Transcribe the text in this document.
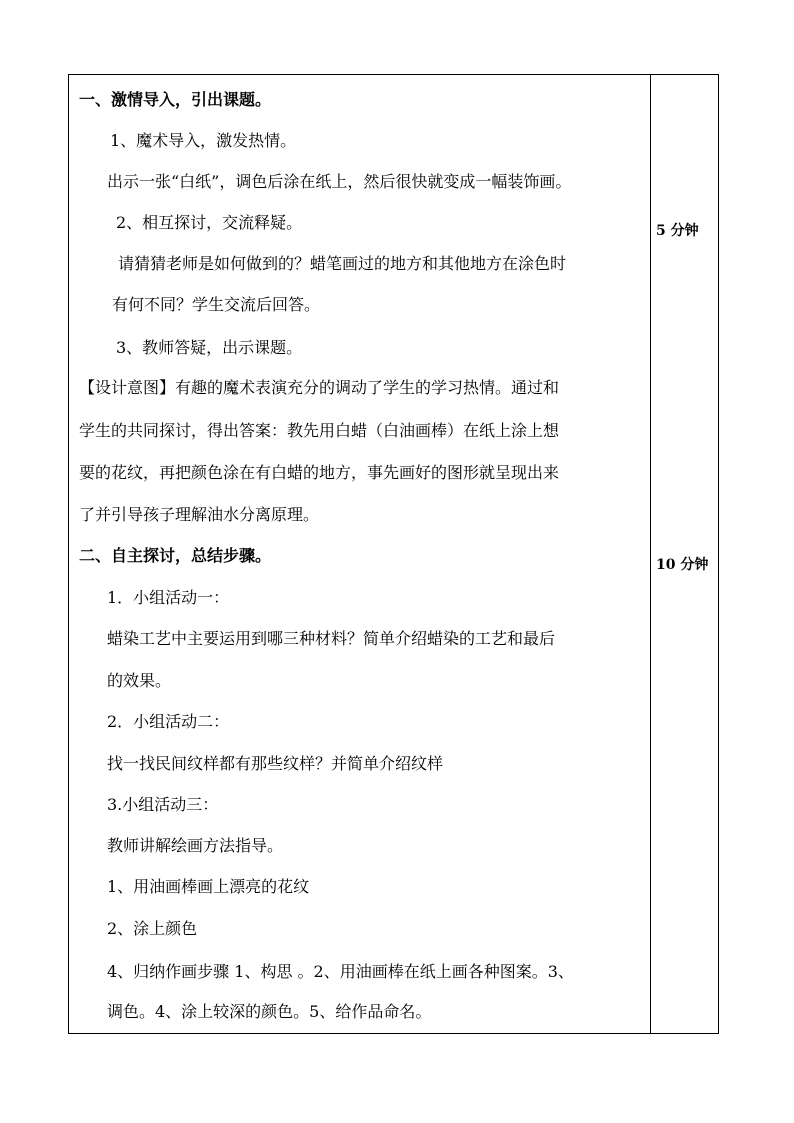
一、激情导入，引出课题。
1、魔术导入，激发热情。
出示一张“白纸”，调色后涂在纸上，然后很快就变成一幅装饰画。
2、相互探讨，交流释疑。
请猜猜老师是如何做到的？蜡笔画过的地方和其他地方在涂色时
有何不同？学生交流后回答。
3、教师答疑，出示课题。
【设计意图】有趣的魔术表演充分的调动了学生的学习热情。通过和
学生的共同探讨，得出答案：教先用白蜡（白油画棒）在纸上涂上想
要的花纹，再把颜色涂在有白蜡的地方，事先画好的图形就呈现出来
了并引导孩子理解油水分离原理。
二、自主探讨，总结步骤。
1．小组活动一：
蜡染工艺中主要运用到哪三种材料？简单介绍蜡染的工艺和最后
的效果。
2．小组活动二：
找一找民间纹样都有那些纹样？并简单介绍纹样
3.小组活动三：
教师讲解绘画方法指导。
1、用油画棒画上漂亮的花纹
2、涂上颜色
4、归纳作画步骤 1、构思 。2、用油画棒在纸上画各种图案。3、
调色。4、涂上较深的颜色。5、给作品命名。
5 分钟
10 分钟
